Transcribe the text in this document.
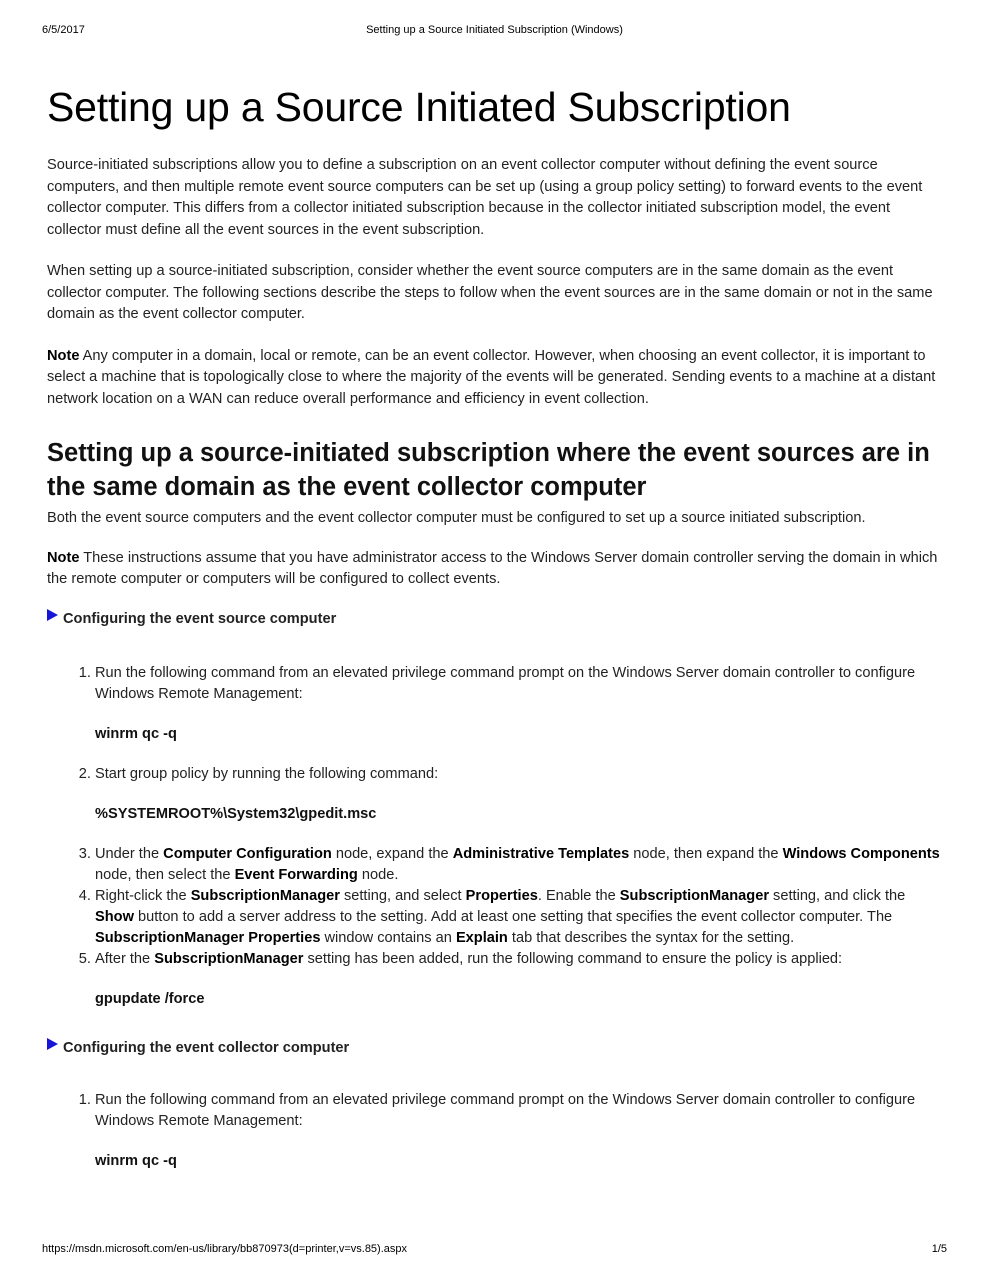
6/5/2017	Setting up a Source Initiated Subscription (Windows)
Setting up a Source Initiated Subscription

Source-initiated subscriptions allow you to define a subscription on an event collector computer without defining the event source computers, and then multiple remote event source computers can be set up (using a group policy setting) to forward events to the event collector computer. This differs from a collector initiated subscription because in the collector initiated subscription model, the event collector must define all the event sources in the event subscription.

When setting up a source-initiated subscription, consider whether the event source computers are in the same domain as the event collector computer. The following sections describe the steps to follow when the event sources are in the same domain or not in the same domain as the event collector computer.

Note Any computer in a domain, local or remote, can be an event collector. However, when choosing an event collector, it is important to select a machine that is topologically close to where the majority of the events will be generated. Sending events to a machine at a distant network location on a WAN can reduce overall performance and efficiency in event collection.

Setting up a source-initiated subscription where the event sources are in the same domain as the event collector computer

Both the event source computers and the event collector computer must be configured to set up a source initiated subscription.

Note These instructions assume that you have administrator access to the Windows Server domain controller serving the domain in which the remote computer or computers will be configured to collect events.

Configuring the event source computer
1. Run the following command from an elevated privilege command prompt on the Windows Server domain controller to configure Windows Remote Management:
winrm qc -q
2. Start group policy by running the following command:
%SYSTEMROOT%\System32\gpedit.msc
3. Under the Computer Configuration node, expand the Administrative Templates node, then expand the Windows Components node, then select the Event Forwarding node.
4. Right-click the SubscriptionManager setting, and select Properties. Enable the SubscriptionManager setting, and click the Show button to add a server address to the setting. Add at least one setting that specifies the event collector computer. The SubscriptionManager Properties window contains an Explain tab that describes the syntax for the setting.
5. After the SubscriptionManager setting has been added, run the following command to ensure the policy is applied:
gpupdate /force
Configuring the event collector computer
1. Run the following command from an elevated privilege command prompt on the Windows Server domain controller to configure Windows Remote Management:
winrm qc -q
https://msdn.microsoft.com/en-us/library/bb870973(d=printer,v=vs.85).aspx	1/5
